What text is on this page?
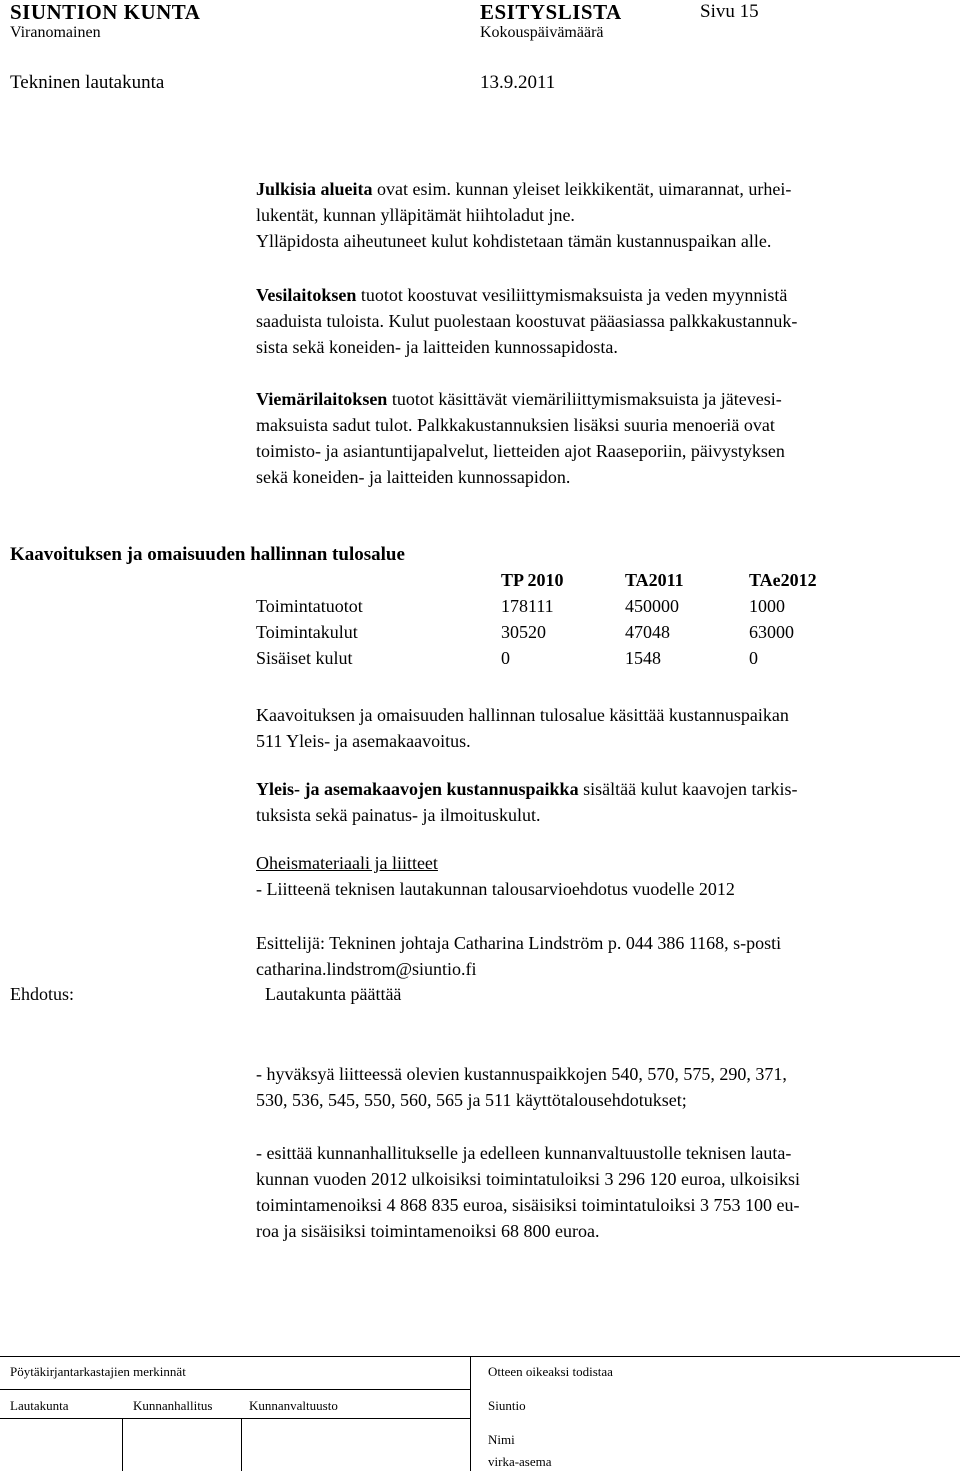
SIUNTION KUNTA	ESITYSLISTA	Sivu 15
Viranomainen	Kokouspäivämäärä
Tekninen lautakunta	13.9.2011
Julkisia alueita ovat esim. kunnan yleiset leikkikentät, uimarannat, urhei-
lukentät, kunnan ylläpitämät hiihtoladut jne.
Ylläpidosta aiheutuneet kulut kohdistetaan tämän kustannuspaikan alle.
Vesilaitoksen tuotot koostuvat vesiliittymismaksuista ja veden myynnistä
saaduista tuloista. Kulut puolestaan koostuvat pääasiassa palkkakustannuk-
sista sekä koneiden- ja laitteiden kunnossapidosta.
Viemärilaitoksen tuotot käsittävät viemäriliittymismaksuista ja jätevesi-
maksuista sadut tulot. Palkkakustannuksien lisäksi suuria menoeriä ovat
toimisto- ja asiantuntijapalvelut, lietteiden ajot Raaseporiin, päivystyksen
sekä koneiden- ja laitteiden kunnossapidon.
Kaavoituksen ja omaisuuden hallinnan tulosalue
TP 2010	TA2011	TAe2012
Toimintatuotot	178111	450000	1000
Toimintakulut	30520	47048	63000
Sisäiset kulut	0	1548	0
Kaavoituksen ja omaisuuden hallinnan tulosalue käsittää kustannuspaikan
511 Yleis- ja asemakaavoitus.
Yleis- ja asemakaavojen kustannuspaikka sisältää kulut kaavojen tarkis-
tuksista sekä painatus- ja ilmoituskulut.
Oheismateriaali ja liitteet
- Liitteenä teknisen lautakunnan talousarvioehdotus vuodelle 2012
Esittelijä: Tekninen johtaja Catharina Lindström p. 044 386 1168, s-posti
catharina.lindstrom@siuntio.fi
Ehdotus:	Lautakunta päättää
- hyväksyä liitteessä olevien kustannuspaikkojen 540, 570, 575, 290, 371,
530, 536, 545, 550, 560, 565 ja 511 käyttötalousehdotukset;
- esittää kunnanhallitukselle ja edelleen kunnanvaltuustolle teknisen lauta-
kunnan vuoden 2012 ulkoisiksi toimintatuloiksi 3 296 120 euroa, ulkoisiksi
toimintamenoiksi 4 868 835 euroa, sisäisiksi toimintatuloiksi 3 753 100 eu-
roa ja sisäisiksi toimintamenoiksi 68 800 euroa.
Pöytäkirjantarkastajien merkinnät	Otteen oikeaksi todistaa
Lautakunta	Kunnanhallitus	Kunnanvaltuusto	Siuntio
Nimi
virka-asema
